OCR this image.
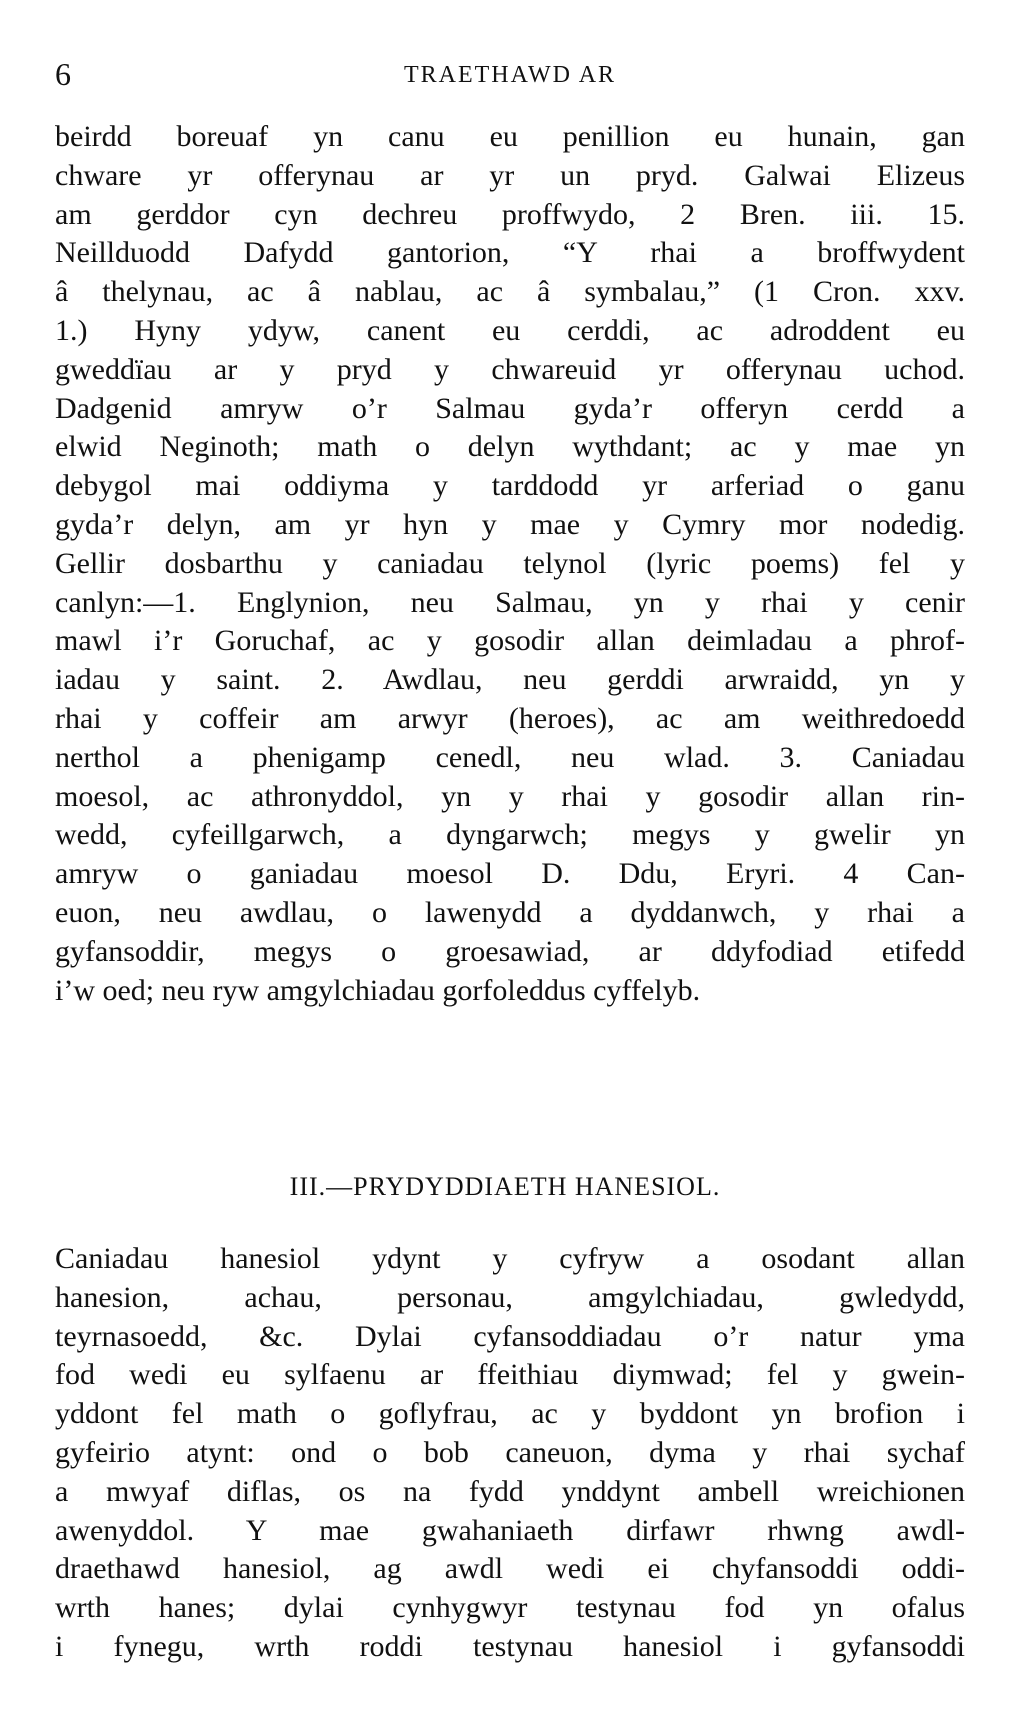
6	TRAETHAWD AR
beirdd boreuaf yn canu eu penillion eu hunain, gan
chware yr offerynau ar yr un pryd. Galwai Elizeus
am gerddor cyn dechreu proffwydo, 2 Bren. iii. 15.
Neillduodd Dafydd gantorion, “Y rhai a broffwydent
â thelynau, ac â nablau, ac â symbalau,” (1 Cron. xxv.
1.) Hyny ydyw, canent eu cerddi, ac adroddent eu
gweddïau ar y pryd y chwareuid yr offerynau uchod.
Dadgenid amryw o’r Salmau gyda’r offeryn cerdd a
elwid Neginoth; math o delyn wythdant; ac y mae yn
debygol mai oddiyma y tarddodd yr arferiad o ganu
gyda’r delyn, am yr hyn y mae y Cymry mor nodedig.
Gellir dosbarthu y caniadau telynol (lyric poems) fel y
canlyn:—1. Englynion, neu Salmau, yn y rhai y cenir
mawl i’r Goruchaf, ac y gosodir allan deimladau a phrof-
iadau y saint. 2. Awdlau, neu gerddi arwraidd, yn y
rhai y coffeir am arwyr (heroes), ac am weithredoedd
nerthol a phenigamp cenedl, neu wlad. 3. Caniadau
moesol, ac athronyddol, yn y rhai y gosodir allan rin-
wedd, cyfeillgarwch, a dyngarwch; megys y gwelir yn
amryw o ganiadau moesol D. Ddu, Eryri. 4 Can-
euon, neu awdlau, o lawenydd a dyddanwch, y rhai a
gyfansoddir, megys o groesawiad, ar ddyfodiad etifedd
i’w oed; neu ryw amgylchiadau gorfoleddus cyffelyb.
III.—PRYDYDDIAETH HANESIOL.
Caniadau hanesiol ydynt y cyfryw a osodant allan
hanesion, achau, personau, amgylchiadau, gwledydd,
teyrnasoedd, &c. Dylai cyfansoddiadau o’r natur yma
fod wedi eu sylfaenu ar ffeithiau diymwad; fel y gwein-
yddont fel math o goflyfrau, ac y byddont yn brofion i
gyfeirio atynt: ond o bob caneuon, dyma y rhai sychaf
a mwyaf diflas, os na fydd ynddynt ambell wreichionen
awenyddol. Y mae gwahaniaeth dirfawr rhwng awdl-
draethawd hanesiol, ag awdl wedi ei chyfansoddi oddi-
wrth hanes; dylai cynhygwyr testynau fod yn ofalus
i fynegu, wrth roddi testynau hanesiol i gyfansoddi
